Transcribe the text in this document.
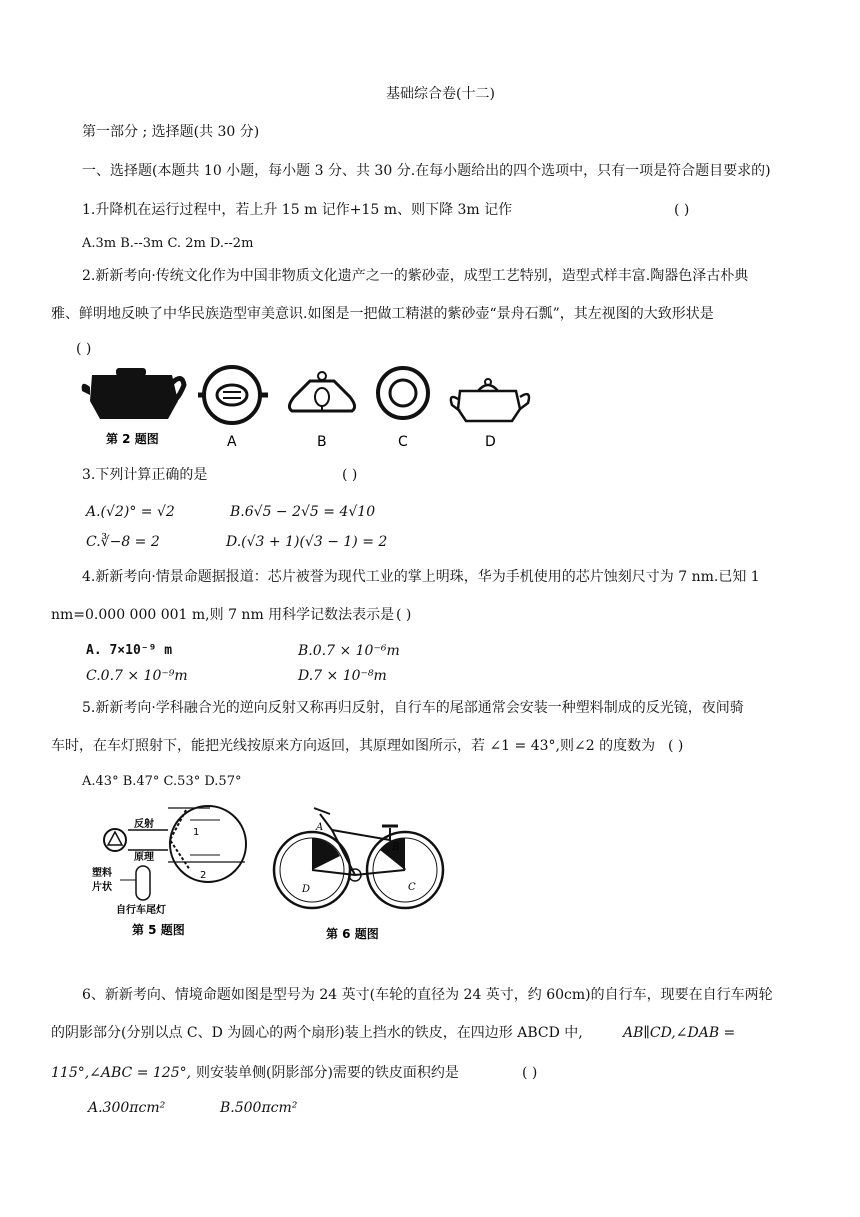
基础综合卷(十二)
第一部分 ; 选择题(共 30 分)
一、选择题(本题共 10 小题，每小题 3 分、共 30 分.在每小题给出的四个选项中，只有一项是符合题目要求的)
1.升降机在运行过程中，若上升 15 m 记作+15 m、则下降 3m 记作	( )
A.3m B.--3m C. 2m D.--2m
2.新新考向·传统文化作为中国非物质文化遗产之一的紫砂壶，成型工艺特别，造型式样丰富.陶器色泽古朴典
雅、鲜明地反映了中华民族造型审美意识.如图是一把做工精湛的紫砂壶“景舟石瓢”，其左视图的大致形状是
( )
第 2 题图	A	B	C	D
3.下列计算正确的是	( )
A.(√2)° = √2	B.6√5 − 2√5 = 4√10
C.∛−8 = 2	D.(√3 + 1)(√3 − 1) = 2
4.新新考向·情景命题据报道：芯片被誉为现代工业的掌上明珠，华为手机使用的芯片蚀刻尺寸为 7 nm.已知 1
nm=0.000 000 001 m,则 7 nm 用科学记数法表示是 ( )
A. 7×10⁻⁹ m	B.0.7 × 10⁻⁶m
C.0.7 × 10⁻⁹m	D.7 × 10⁻⁸m
5.新新考向·学科融合光的逆向反射又称再归反射，自行车的尾部通常会安装一种塑料制成的反光镜，夜间骑
车时，在车灯照射下，能把光线按原来方向返回，其原理如图所示，若 ∠1 = 43°,则∠2 的度数为 ( )
A.43° B.47° C.53° D.57°
反射
原理
塑料
片状
自行车尾灯
1
2
第 5 题图
A
B
C
D
第 6 题图
6、新新考向、情境命题如图是型号为 24 英寸(车轮的直径为 24 英寸，约 60cm)的自行车，现要在自行车两轮
的阴影部分(分别以点 C、D 为圆心的两个扇形)装上挡水的铁皮，在四边形 ABCD 中,	AB∥CD,∠DAB =
115°,∠ABC = 125°, 则安装单侧(阴影部分)需要的铁皮面积约是	( )
A.300πcm²	B.500πcm²
